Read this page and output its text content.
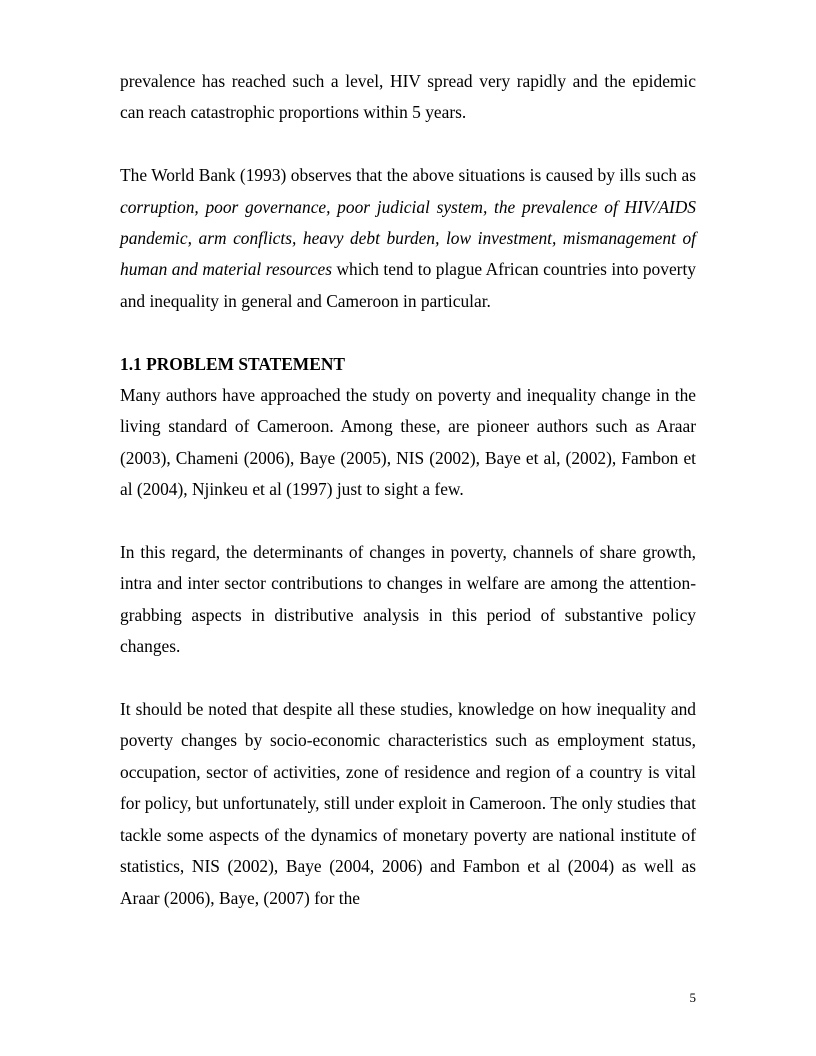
prevalence has reached such a level, HIV spread very rapidly and the epidemic can reach catastrophic proportions within 5 years.

The World Bank (1993) observes that the above situations is caused by ills such as corruption, poor governance, poor judicial system, the prevalence of HIV/AIDS pandemic, arm conflicts, heavy debt burden, low investment, mismanagement of human and material resources which tend to plague African countries into poverty and inequality in general and Cameroon in particular.

1.1 PROBLEM STATEMENT

Many authors have approached the study on poverty and inequality change in the living standard of Cameroon. Among these, are pioneer authors such as Araar (2003), Chameni (2006), Baye (2005), NIS (2002), Baye et al, (2002), Fambon et al (2004), Njinkeu et al (1997) just to sight a few.

In this regard, the determinants of changes in poverty, channels of share growth, intra and inter sector contributions to changes in welfare are among the attention-grabbing aspects in distributive analysis in this period of substantive policy changes.

It should be noted that despite all these studies, knowledge on how inequality and poverty changes by socio-economic characteristics such as employment status, occupation, sector of activities, zone of residence and region of a country is vital for policy, but unfortunately, still under exploit in Cameroon. The only studies that tackle some aspects of the dynamics of monetary poverty are national institute of statistics, NIS (2002), Baye (2004, 2006) and Fambon et al (2004) as well as Araar (2006), Baye, (2007) for the

5
